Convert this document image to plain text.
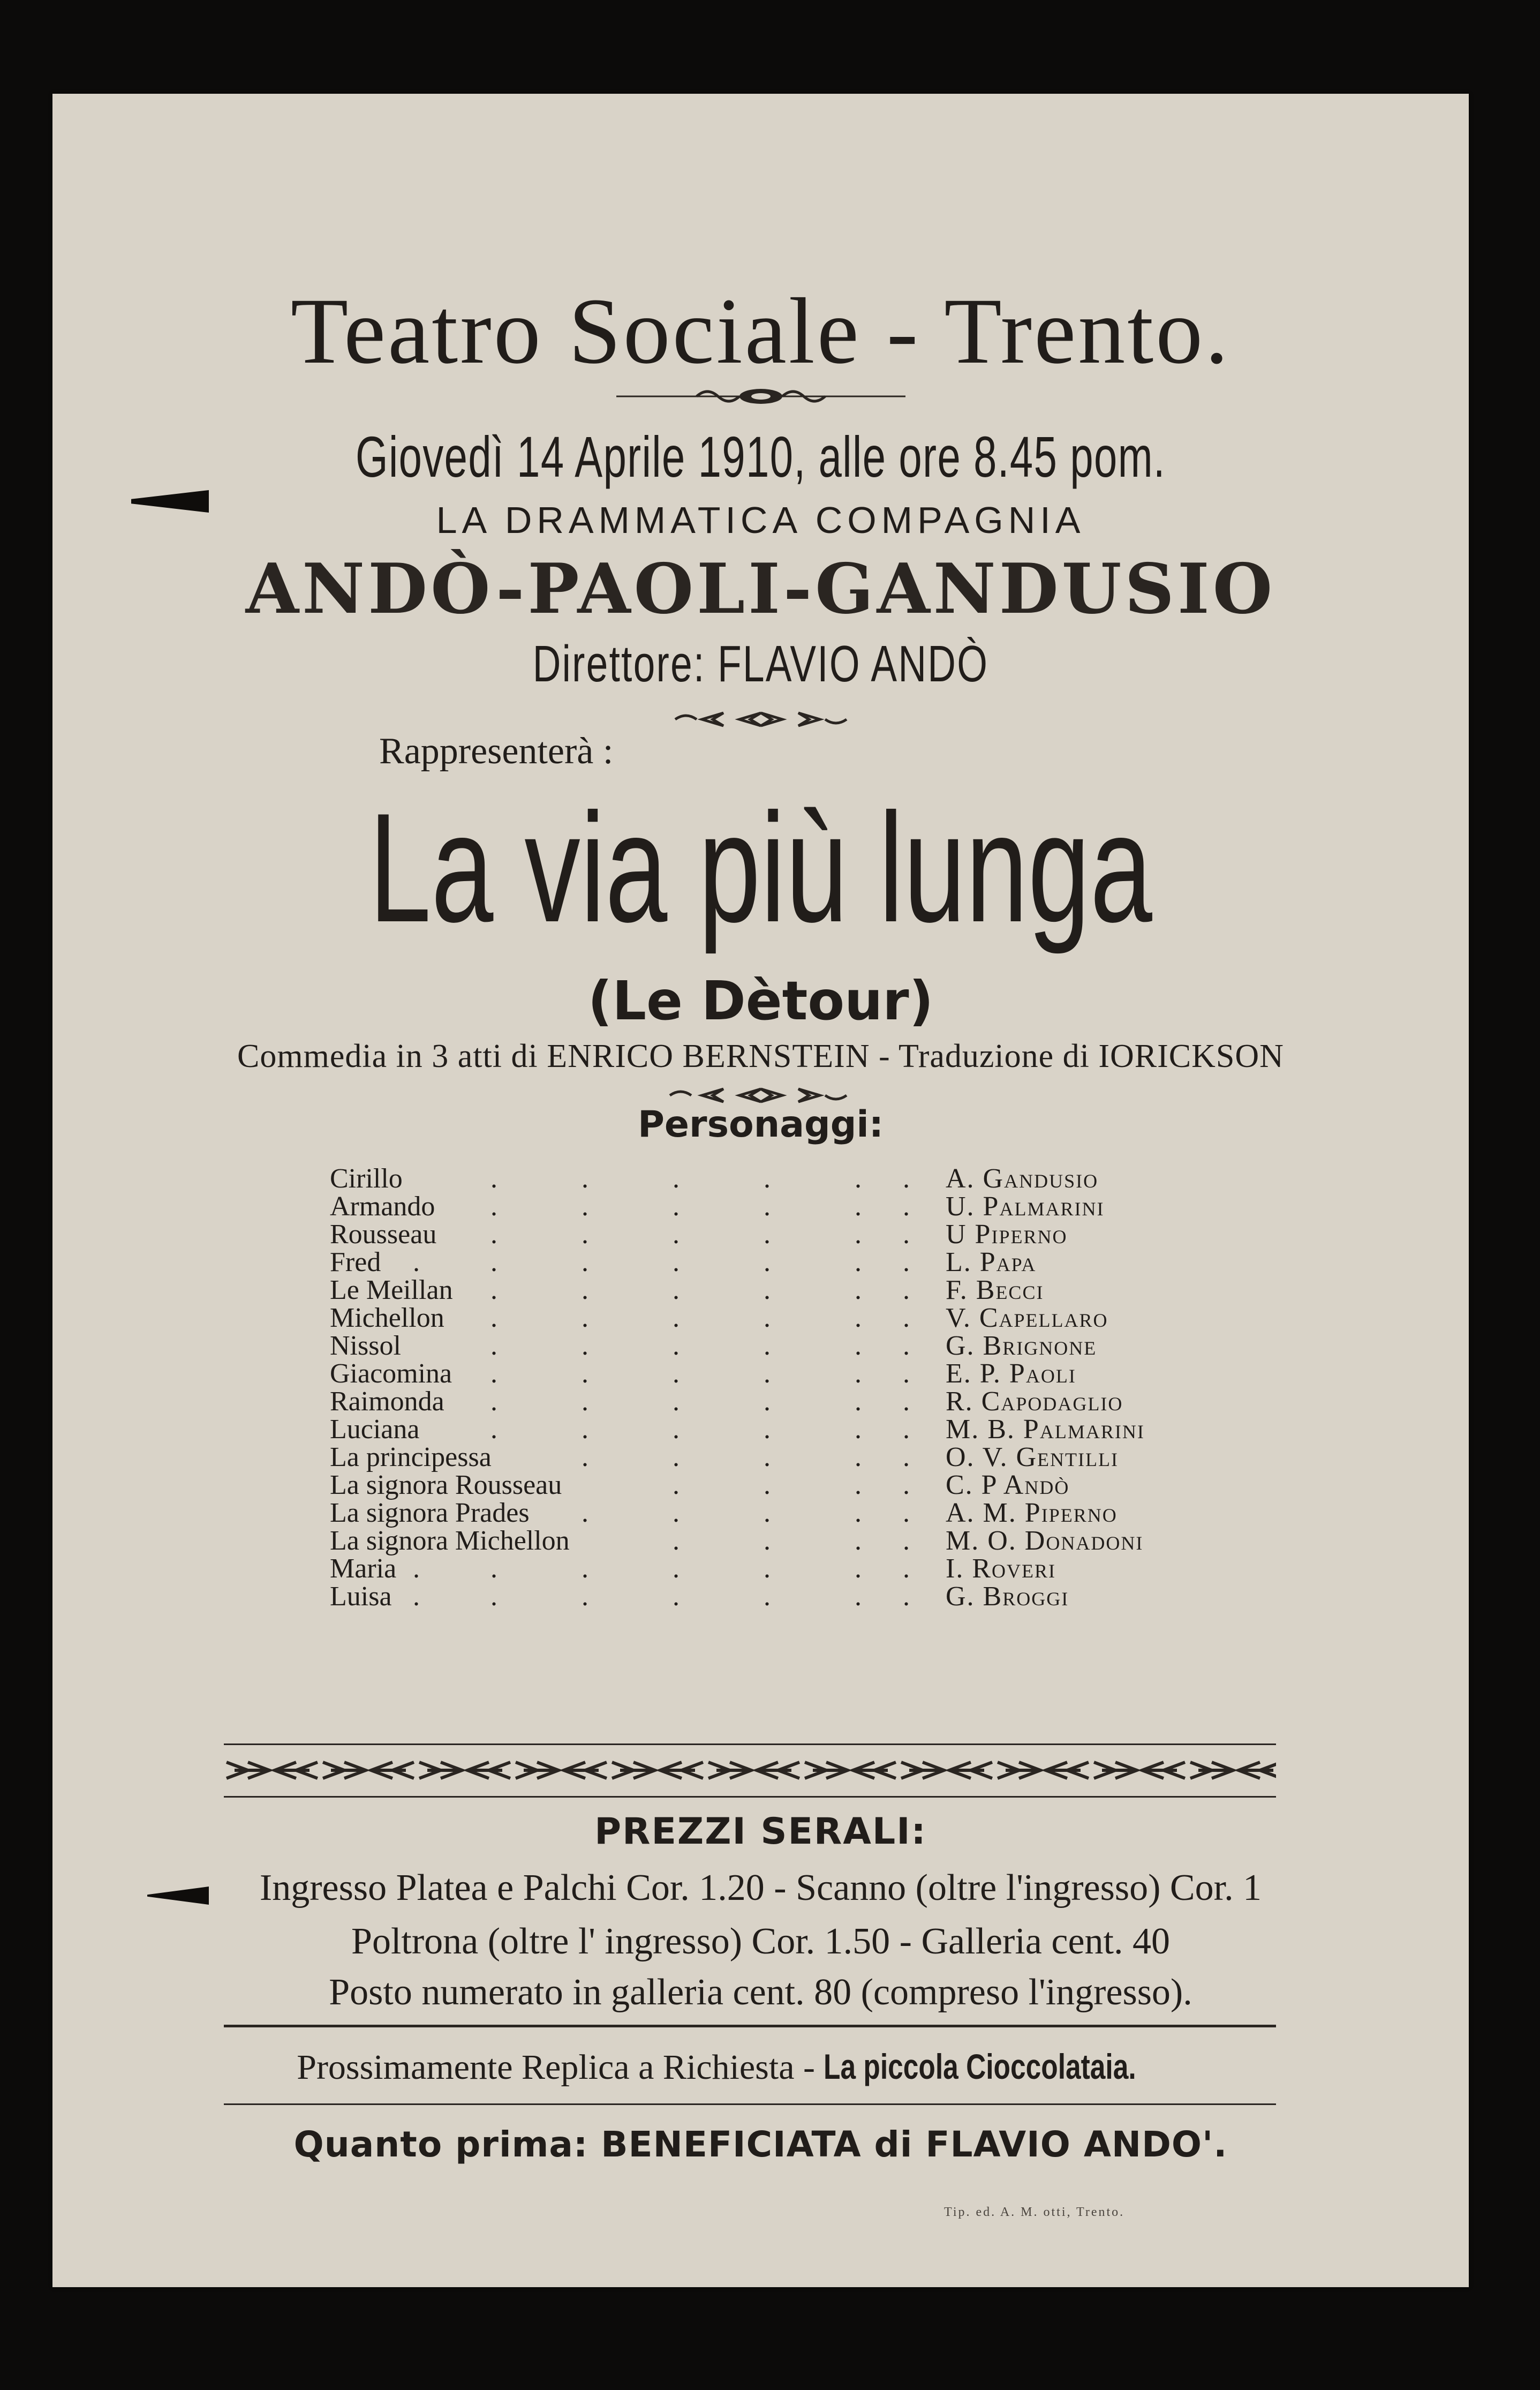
Teatro Sociale - Trento.
Giovedì 14 Aprile 1910, alle ore 8.45 pom.
LA DRAMMATICA COMPAGNIA
ANDÒ-PAOLI-GANDUSIO
Direttore: FLAVIO ANDÒ
Rappresenterà :
La via più lunga
(Le Dètour)
Commedia in 3 atti di ENRICO BERNSTEIN - Traduzione di IORICKSON
Personaggi:
Cirillo	.	.	.	.	. . A. Gandusio
Armando .	.	.	.	. . U. Palmarini
Rousseau .	.	.	.	. . U Piperno
Fred .	.	.	.	.	. . L. Papa
Le Meillan .	.	.	.	. . F. Becci
Michellon .	.	.	.	. . V. Capellaro
Nissol	.	.	.	.	. . G. Brignone
Giacomina .	.	.	.	. . E. P. Paoli
Raimonda .	.	.	.	. . R. Capodaglio
Luciana	.	.	.	.	. . M. B. Palmarini
La principessa	.	.	.	. . O. V. Gentilli
La signora Rousseau	.	.	. . C. P Andò
La signora Prades .	.	.	. . A. M. Piperno
La signora Michellon	.	.	. . M. O. Donadoni
Maria .	.	.	.	.	. . I. Roveri
Luisa .	.	.	.	.	. . G. Broggi
PREZZI SERALI:
Ingresso Platea e Palchi Cor. 1.20 - Scanno (oltre l'ingresso) Cor. 1
Poltrona (oltre l' ingresso) Cor. 1.50 - Galleria cent. 40
Posto numerato in galleria cent. 80 (compreso l'ingresso).
Prossimamente Replica a Richiesta - La piccola Cioccolataia.
Quanto prima: BENEFICIATA di FLAVIO ANDO'.
Tip. ed. A. M. otti, Trento.
